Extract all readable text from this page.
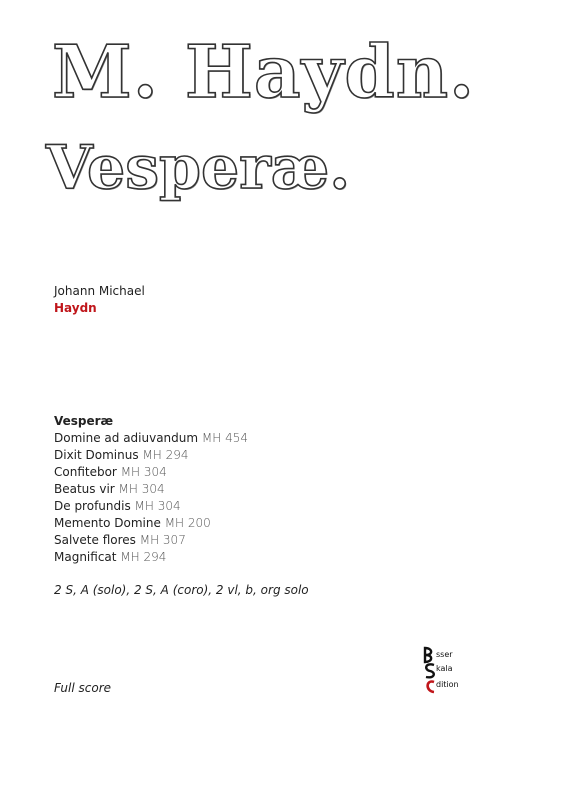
M. Haydn.
Vesperæ.
Johann Michael
Haydn
Vesperæ
Domine ad adiuvandum MH 454
Dixit Dominus MH 294
Confitebor MH 304
Beatus vir MH 304
De profundis MH 304
Memento Domine MH 200
Salvete flores MH 307
Magnificat MH 294
2 S, A (solo), 2 S, A (coro), 2 vl, b, org solo
Full score
sser
kala
dition
